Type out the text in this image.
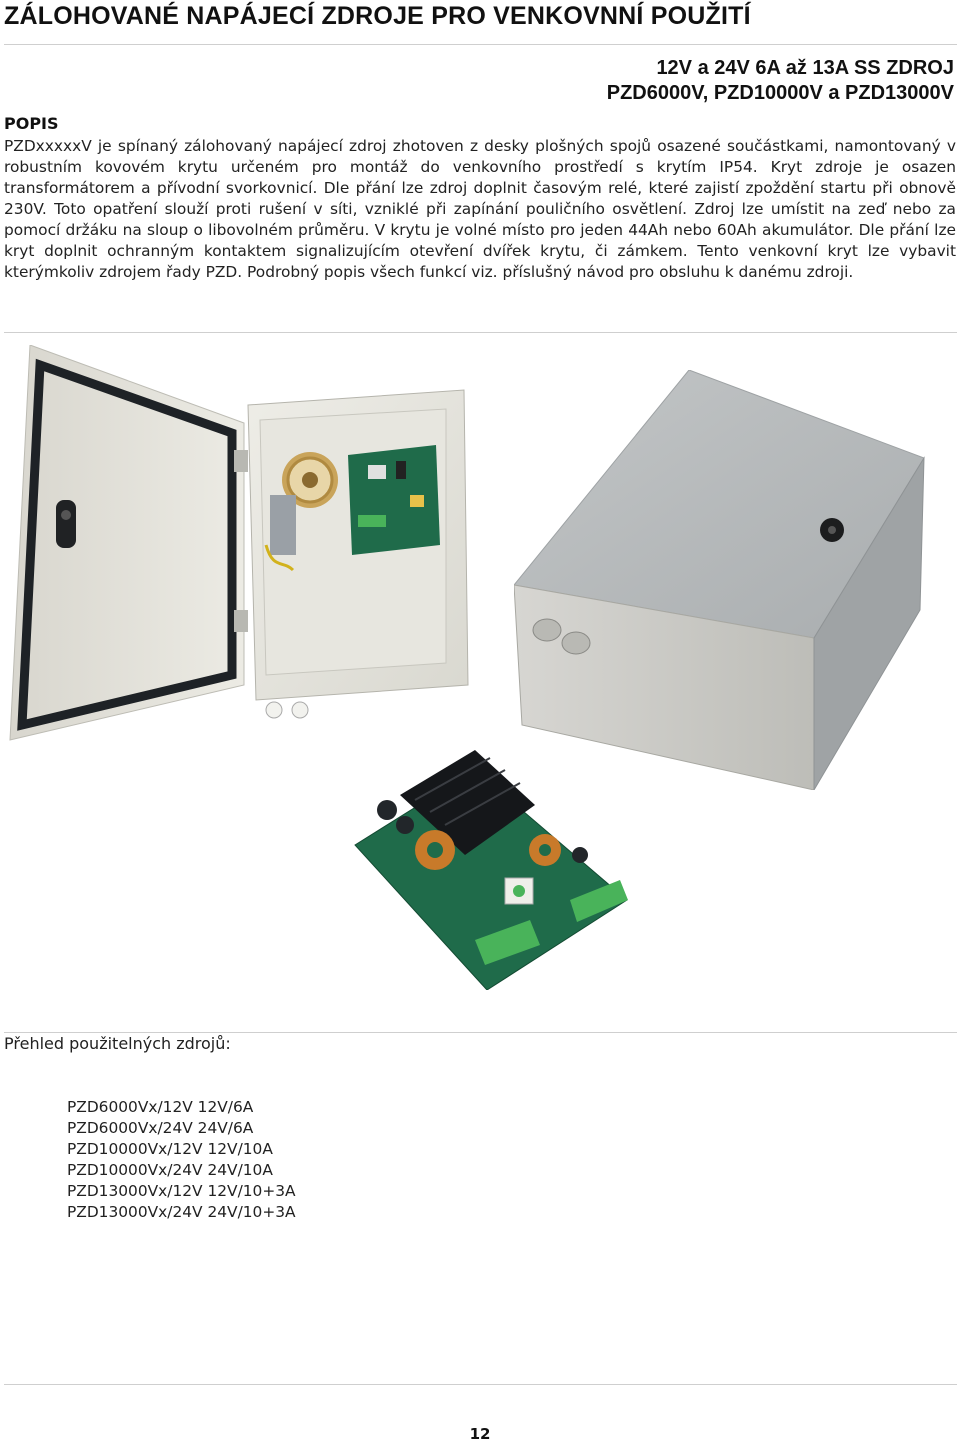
ZÁLOHOVANÉ NAPÁJECÍ ZDROJE PRO VENKOVNNÍ POUŽITÍ
12V a 24V 6A až 13A SS ZDROJ
PZD6000V, PZD10000V a PZD13000V
POPIS

PZDxxxxxV je spínaný zálohovaný napájecí zdroj zhotoven z desky plošných spojů osazené součástkami, namontovaný v robustním kovovém krytu určeném pro montáž do venkovního prostředí s krytím IP54. Kryt zdroje je osazen transformátorem a přívodní svorkovnicí. Dle přání lze zdroj doplnit časovým relé, které zajistí zpoždění startu při obnově 230V. Toto opatření slouží proti rušení v síti, vzniklé při zapínání pouličního osvětlení. Zdroj lze umístit na zeď nebo za pomocí držáku na sloup o libovolném průměru. V krytu je volné místo pro jeden 44Ah nebo 60Ah akumulátor. Dle přání lze kryt doplnit ochranným kontaktem signalizujícím otevření dvířek krytu, či zámkem. Tento venkovní kryt lze vybavit kterýmkoliv zdrojem řady PZD. Podrobný popis všech funkcí viz. příslušný návod pro obsluhu k danému zdroji.

Přehled použitelných zdrojů:
PZD6000Vx/12V 12V/6A
PZD6000Vx/24V 24V/6A
PZD10000Vx/12V 12V/10A
PZD10000Vx/24V 24V/10A
PZD13000Vx/12V 12V/10+3A
PZD13000Vx/24V 24V/10+3A
12
